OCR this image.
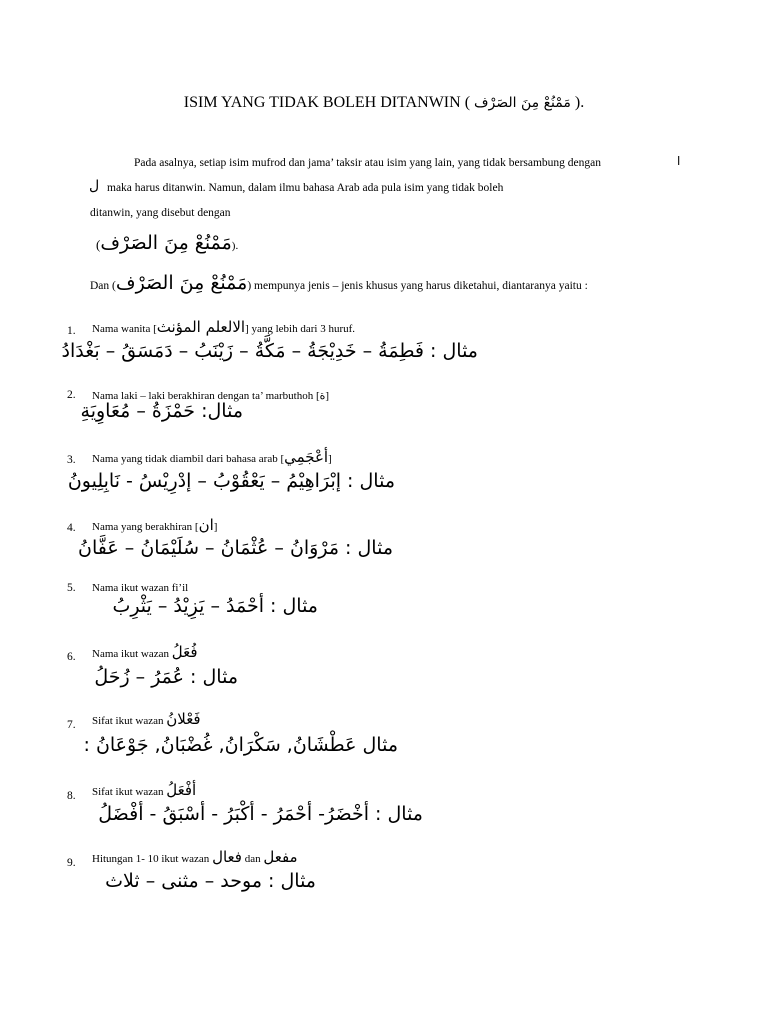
ISIM YANG TIDAK BOLEH DITANWIN ( مَمْنُعْ مِنَ الصَرْف ).
Pada asalnya, setiap isim mufrod dan jama’ taksir atau isim yang lain, yang tidak bersambung dengan	ا
ل maka harus ditanwin. Namun, dalam ilmu bahasa Arab ada pula isim yang tidak boleh
ditanwin, yang disebut dengan
(مَمْنُعْ مِنَ الصَرْف).
Dan (مَمْنُعْ مِنَ الصَرْف) mempunya jenis – jenis khusus yang harus diketahui, diantaranya yaitu :
1. Nama wanita [الالعلم المؤنث] yang lebih dari 3 huruf.
مثال : فَطِمَةُ – خَدِيْجَةُ – مَكَّةُ – زَيْنَبُ – دَمَسَقُ – بَغْدَادُ
2. Nama laki – laki berakhiran dengan ta’ marbuthoh [ة]
مثال: حَمْزَةُ – مُعَاوِيَةِ
3. Nama yang tidak diambil dari bahasa arab [أعْجَمِي]
مثال : إبْرَاهِيْمُ – يَعْقُوْبُ – إدْرِيْسُ - نَابِلِيونُ
4. Nama yang berakhiran [ان]
مثال : مَرْوَانُ – عُثْمَانُ – سُلَيْمَانُ – عَفَّانُ
5. Nama ikut wazan fi’il
مثال : أحْمَدُ – يَزِيْدُ – يَثْرِبُ
6. Nama ikut wazan فُعَلُ
مثال : عُمَرُ – زُحَلُ
7. Sifat ikut wazan فَعْلانُ
مثال عَطْشَانُ, سَكْرَانُ, غُضْبَانُ, جَوْعَانُ :
8. Sifat ikut wazan أفْعَلُ
مثال : أخْضَرُ- أحْمَرُ - أكْبَرُ - أسْبَقُ - أفْضَلُ
9. Hitungan 1- 10 ikut wazan فعال dan مفعل
مثال : موحد – مثنى – ثلاث
